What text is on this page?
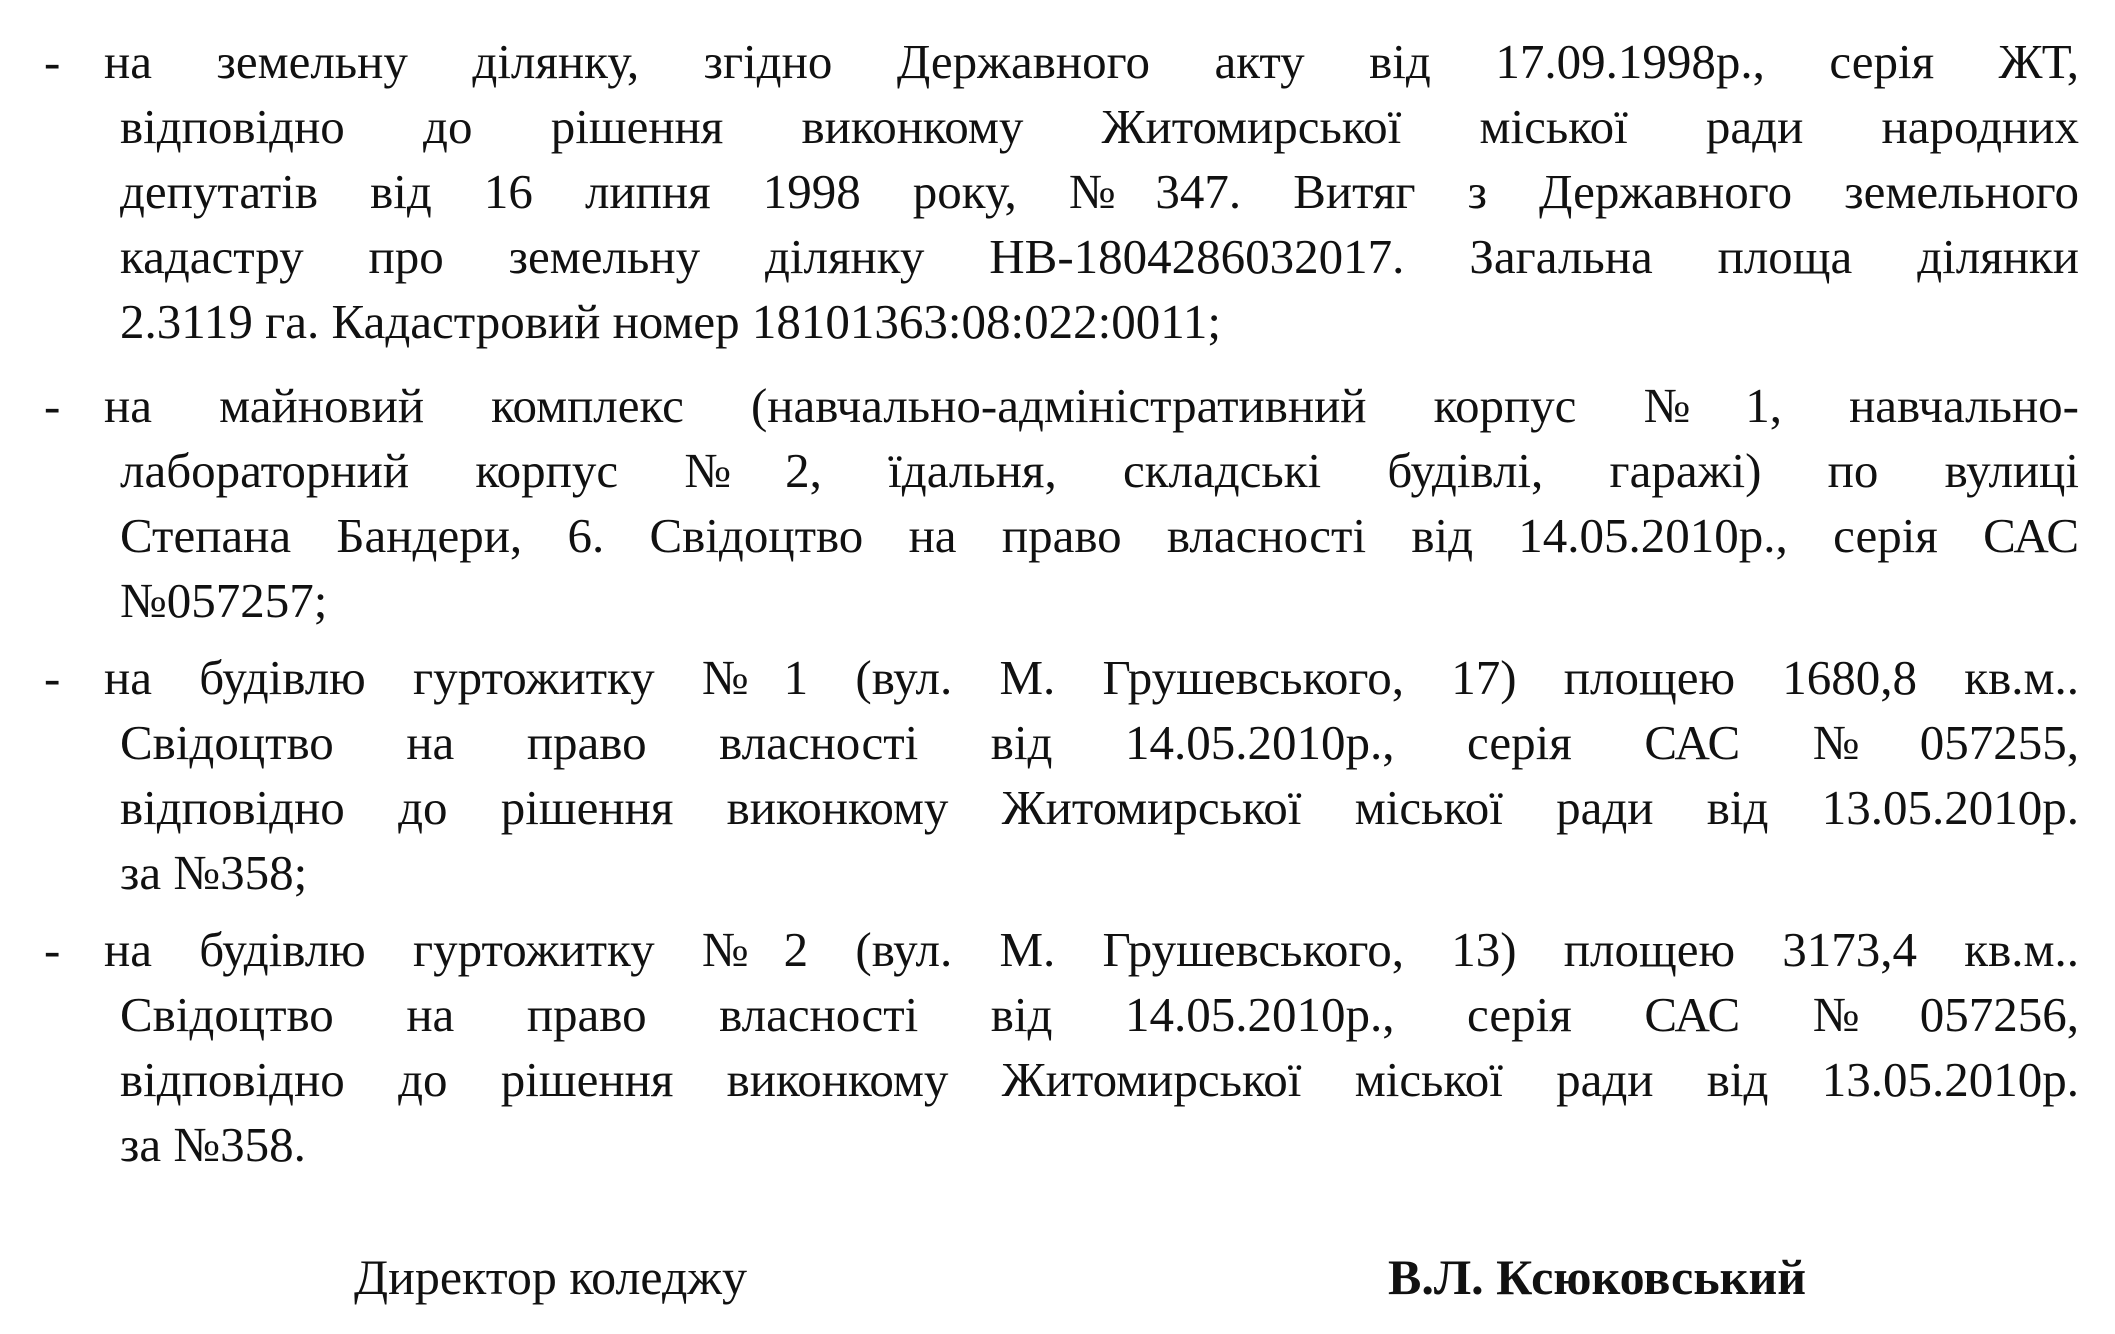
- на земельну ділянку, згідно Державного акту від 17.09.1998р., серія ЖТ,
відповідно до рішення виконкому Житомирської міської ради народних
депутатів від 16 липня 1998 року, №347. Витяг з Державного земельного
кадастру про земельну ділянку НВ-1804286032017. Загальна площа ділянки
2.3119 га. Кадастровий номер 18101363:08:022:0011;
- на майновий комплекс (навчально-адміністративний корпус №1, навчально-
лабораторний корпус №2, їдальня, складські будівлі, гаражі) по вулиці
Степана Бандери, 6. Свідоцтво на право власності від 14.05.2010р., серія САС
№057257;
- на будівлю гуртожитку №1 (вул. М. Грушевського, 17) площею 1680,8 кв.м..
Свідоцтво на право власності від 14.05.2010р., серія САС №057255,
відповідно до рішення виконкому Житомирської міської ради від 13.05.2010р.
за №358;
- на будівлю гуртожитку №2 (вул. М. Грушевського, 13) площею 3173,4 кв.м..
Свідоцтво на право власності від 14.05.2010р., серія САС №057256,
відповідно до рішення виконкому Житомирської міської ради від 13.05.2010р.
за №358.
Директор коледжу	В.Л. Ксюковський
